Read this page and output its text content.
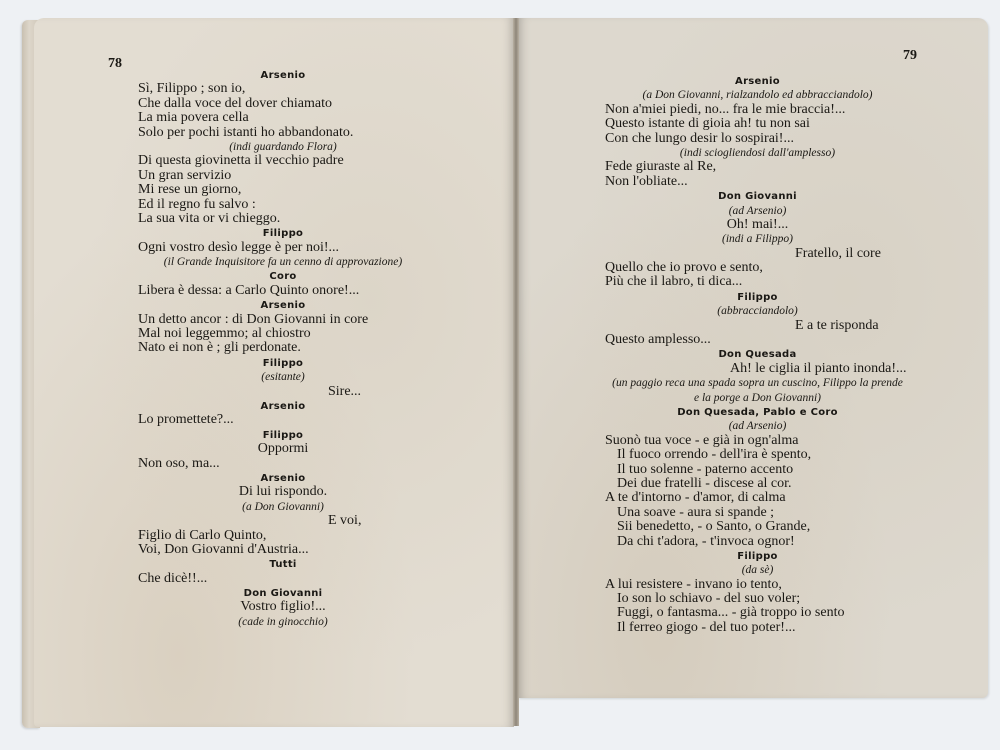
78
79
Arsenio
Sì, Filippo ; son io,
Che dalla voce del dover chiamato
La mia povera cella
Solo per pochi istanti ho abbandonato.
(indi guardando Flora)
Di questa giovinetta il vecchio padre
Un gran servizio
Mi rese un giorno,
Ed il regno fu salvo :
La sua vita or vi chieggo.
Filippo
Ogni vostro desìo legge è per noi!...
(il Grande Inquisitore fa un cenno di approvazione)
Coro
Libera è dessa: a Carlo Quinto onore!...
Arsenio
Un detto ancor : di Don Giovanni in core
Mal noi leggemmo; al chiostro
Nato ei non è ; gli perdonate.
Filippo
(esitante)
Sire...
Arsenio
Lo promettete?...
Filippo
Oppormi
Non oso, ma...
Arsenio
Di lui rispondo.
(a Don Giovanni)
E voi,
Figlio di Carlo Quinto,
Voi, Don Giovanni d'Austria...
Tutti
Che dicè!!...
Don Giovanni
Vostro figlio!...
(cade in ginocchio)
Arsenio
(a Don Giovanni, rialzandolo ed abbracciandolo)
Non a'miei piedi, no... fra le mie braccia!...
Questo istante di gioia ah! tu non sai
Con che lungo desir lo sospirai!...
(indi sciogliendosi dall'amplesso)
Fede giuraste al Re,
Non l'obliate...
Don Giovanni
(ad Arsenio)
Oh! mai!...
(indi a Filippo)
Fratello, il core
Quello che io provo e sento,
Più che il labro, ti dica...
Filippo
(abbracciandolo)
E a te risponda
Questo amplesso...
Don Quesada
Ah! le ciglia il pianto inonda!...
(un paggio reca una spada sopra un cuscino, Filippo la prende
e la porge a Don Giovanni)
Don Quesada, Pablo e Coro
(ad Arsenio)
Suonò tua voce - e già in ogn'alma
Il fuoco orrendo - dell'ira è spento,
Il tuo solenne - paterno accento
Dei due fratelli - discese al cor.
A te d'intorno - d'amor, di calma
Una soave - aura si spande ;
Sii benedetto, - o Santo, o Grande,
Da chi t'adora, - t'invoca ognor!
Filippo
(da sè)
A lui resistere - invano io tento,
Io son lo schiavo - del suo voler;
Fuggi, o fantasma... - già troppo io sento
Il ferreo giogo - del tuo poter!...
